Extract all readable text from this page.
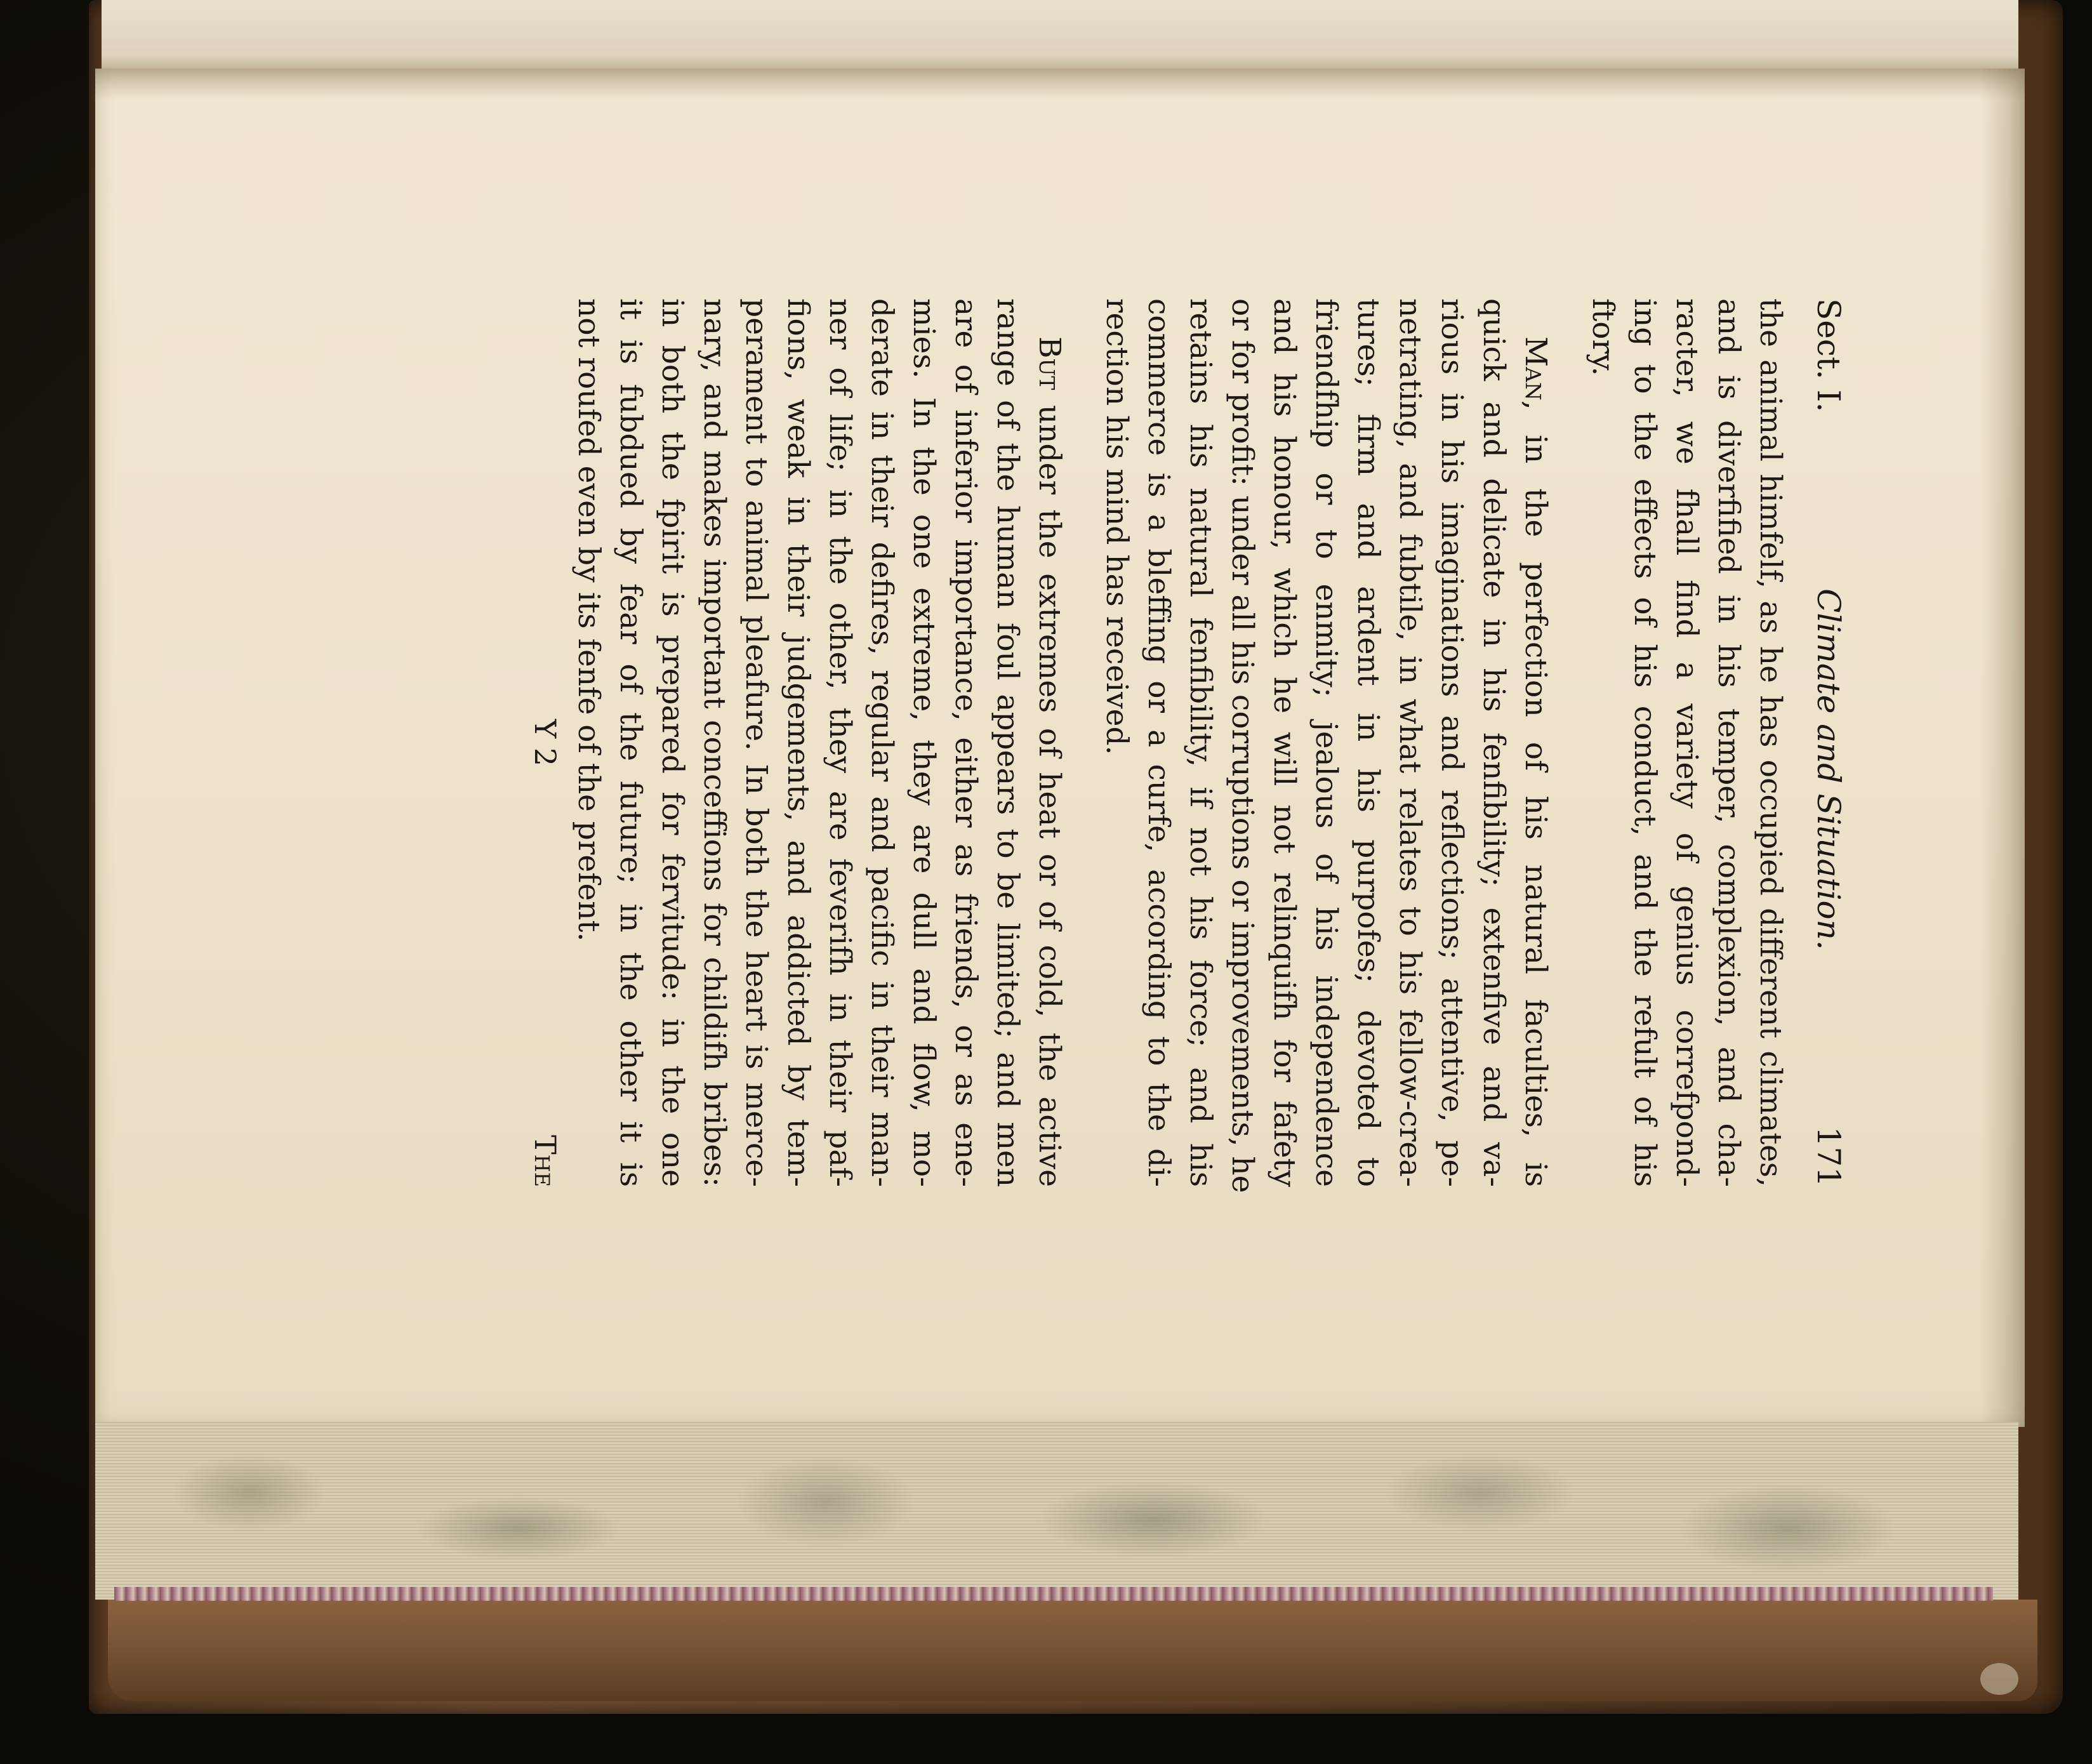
Sect. I.
Climate and Situation.
171
the animal himfelf, as he has occupied different climates,
and is diverfified in his temper, complexion, and cha-
racter, we fhall find a variety of genius correfpond-
ing to the effects of his conduct, and the refult of his
ftory.
Man, in the perfection of his natural faculties, is
quick and delicate in his fenfibility; extenfive and va-
rious in his imaginations and reflections; attentive, pe-
netrating, and fubtile, in what relates to his fellow-crea-
tures; firm and ardent in his purpofes; devoted to
friendfhip or to enmity; jealous of his independence
and his honour, which he will not relinquifh for fafety
or for profit: under all his corruptions or improvements, he
retains his natural fenfibility, if not his force; and his
commerce is a bleffing or a curfe, according to the di-
rection his mind has received.
But under the extremes of heat or of cold, the active
range of the human foul appears to be limited; and men
are of inferior importance, either as friends, or as ene-
mies. In the one extreme, they are dull and flow, mo-
derate in their defires, regular and pacific in their man-
ner of life; in the other, they are feverifh in their paf-
fions, weak in their judgements, and addicted by tem-
perament to animal pleafure. In both the heart is merce-
nary, and makes important conceffions for childifh bribes:
in both the fpirit is prepared for fervitude: in the one
it is fubdued by fear of the future; in the other it is
not roufed even by its fenfe of the prefent.
Y 2
The
